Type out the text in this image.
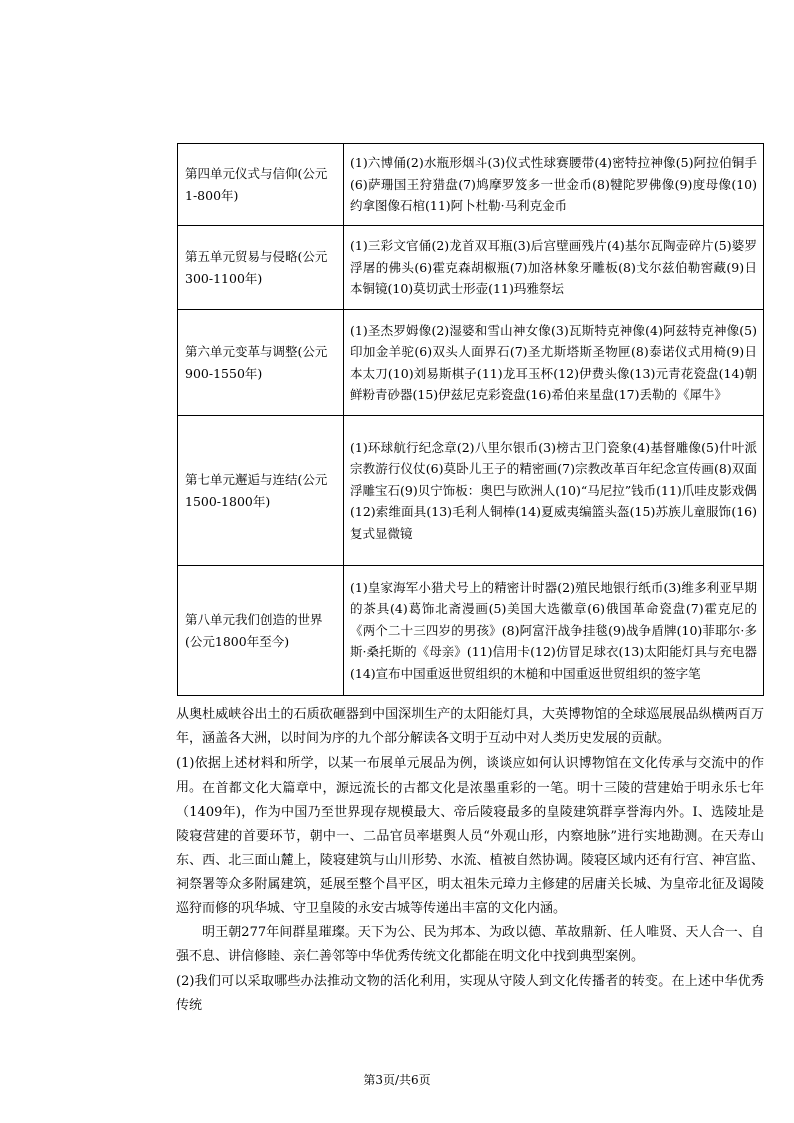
第四单元仪式与信仰(公元1-800年)	(1)六博俑(2)水瓶形烟斗(3)仪式性球赛腰带(4)密特拉神像(5)阿拉伯铜手(6)萨珊国王狩猎盘(7)鸠摩罗笈多一世金币(8)犍陀罗佛像(9)度母像(10)约拿图像石棺(11)阿卜杜勒·马利克金币

第五单元贸易与侵略(公元300-1100年)	(1)三彩文官俑(2)龙首双耳瓶(3)后宫壁画残片(4)基尔瓦陶壶碎片(5)婆罗浮屠的佛头(6)霍克森胡椒瓶(7)加洛林象牙雕板(8)戈尔兹伯勒窖藏(9)日本铜镜(10)莫切武士形壶(11)玛雅祭坛

第六单元变革与调整(公元900-1550年)	(1)圣杰罗姆像(2)湿婆和雪山神女像(3)瓦斯特克神像(4)阿兹特克神像(5)印加金羊驼(6)双头人面界石(7)圣尤斯塔斯圣物匣(8)泰诺仪式用椅(9)日本太刀(10)刘易斯棋子(11)龙耳玉杯(12)伊费头像(13)元青花瓷盘(14)朝鲜粉青砂器(15)伊兹尼克彩瓷盘(16)希伯来星盘(17)丢勒的《犀牛》

第七单元邂逅与连结(公元1500-1800年)	(1)环球航行纪念章(2)八里尔银币(3)榜古卫门瓷象(4)基督雕像(5)什叶派宗教游行仪仗(6)莫卧儿王子的精密画(7)宗教改革百年纪念宣传画(8)双面浮雕宝石(9)贝宁饰板：奥巴与欧洲人(10)“马尼拉”钱币(11)爪哇皮影戏偶
(12)索维面具(13)毛利人铜棒(14)夏威夷编篮头盔(15)苏族儿童服饰(16)复式显微镜

第八单元我们创造的世界(公元1800年至今)	(1)皇家海军小猎犬号上的精密计时器(2)殖民地银行纸币(3)维多利亚早期的茶具(4)葛饰北斋漫画(5)美国大选徽章(6)俄国革命瓷盘(7)霍克尼的《两个二十三四岁的男孩》(8)阿富汗战争挂毯(9)战争盾牌(10)菲耶尔·多斯·桑托斯的《母亲》(11)信用卡(12)仿冒足球衣(13)太阳能灯具与充电器(14)宣布中国重返世贸组织的木槌和中国重返世贸组织的签字笔

从奥杜威峡谷出土的石质砍砸器到中国深圳生产的太阳能灯具，大英博物馆的全球巡展展品纵横两百万年，涵盖各大洲，以时间为序的九个部分解读各文明于互动中对人类历史发展的贡献。

(1)依据上述材料和所学，以某一布展单元展品为例，谈谈应如何认识博物馆在文化传承与交流中的作用。 在首都文化大篇章中，源远流长的古都文化是浓墨重彩的一笔。明十三陵的营建始于明永乐七年（1409年)，作为中国乃至世界现存规模最大、帝后陵寝最多的皇陵建筑群享誉海内外。I、选陵址是陵寝营建的首要环节，朝中一、二品官员率堪舆人员“外观山形，内察地脉”进行实地勘测。在天寿山东、西、北三面山麓上，陵寝建筑与山川形势、水流、植被自然协调。陵寝区域内还有行宫、神宫监、祠祭署等众多附属建筑，延展至整个昌平区，明太祖朱元璋力主修建的居庸关长城、为皇帝北征及谒陵巡狩而修的巩华城、守卫皇陵的永安古城等传递出丰富的文化内涵。

明王朝277年间群星璀璨。天下为公、民为邦本、为政以德、革故鼎新、任人唯贤、天人合一、自强不息、讲信修睦、亲仁善邻等中华优秀传统文化都能在明文化中找到典型案例。

(2)我们可以采取哪些办法推动文物的活化利用，实现从守陵人到文化传播者的转变。在上述中华优秀传统

第3页/共6页
